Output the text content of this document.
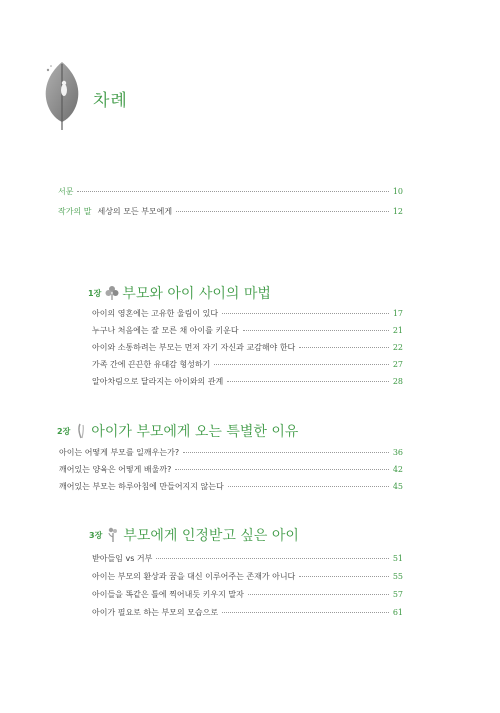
차례
서문	10
작가의 말 세상의 모든 부모에게	12
1장 부모와 아이 사이의 마법
아이의 영혼에는 고유한 울림이 있다	17
누구나 처음에는 잘 모른 채 아이를 키운다	21
아이와 소통하려는 부모는 먼저 자기 자신과 교감해야 한다	22
가족 간에 끈끈한 유대감 형성하기	27
알아차림으로 달라지는 아이와의 관계	28
2장 아이가 부모에게 오는 특별한 이유
아이는 어떻게 부모를 일깨우는가?	36
깨어있는 양육은 어떻게 배울까?	42
깨어있는 부모는 하루아침에 만들어지지 않는다	45
3장 부모에게 인정받고 싶은 아이
받아들임 vs 거부	51
아이는 부모의 환상과 꿈을 대신 이루어주는 존재가 아니다	55
아이들을 똑같은 틀에 찍어내듯 키우지 말자	57
아이가 필요로 하는 부모의 모습으로	61
